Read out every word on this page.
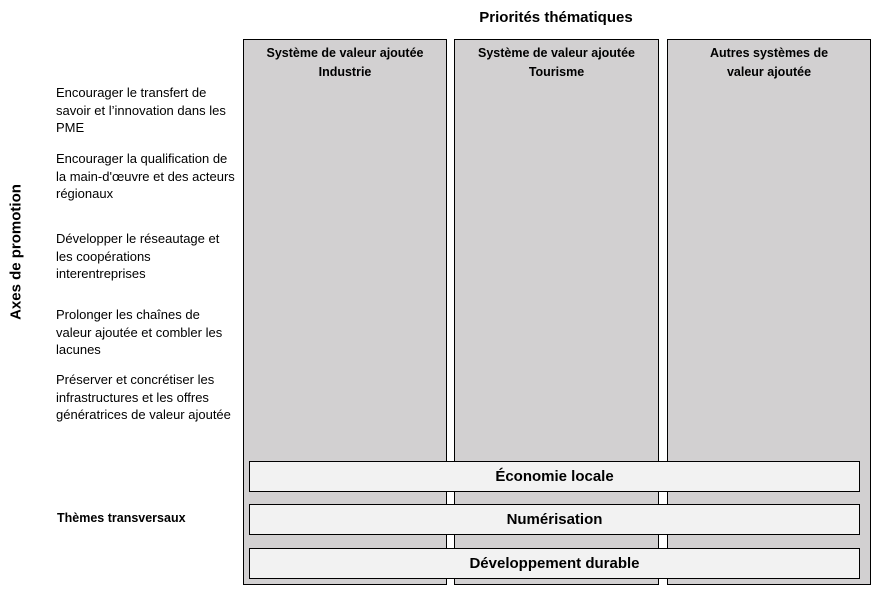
Priorités thématiques
Axes de promotion
Système de valeur ajoutée
Industrie
Système de valeur ajoutée
Tourisme
Autres systèmes de
valeur ajoutée
Encourager le transfert de savoir et l’innovation dans les PME
Encourager la qualification de la main-d'œuvre et des acteurs régionaux
Développer le réseautage et les coopérations interentreprises
Prolonger les chaînes de valeur ajoutée et combler les lacunes
Préserver et concrétiser les infrastructures et les offres génératrices de valeur ajoutée
Économie locale
Numérisation
Développement durable
Thèmes transversaux
